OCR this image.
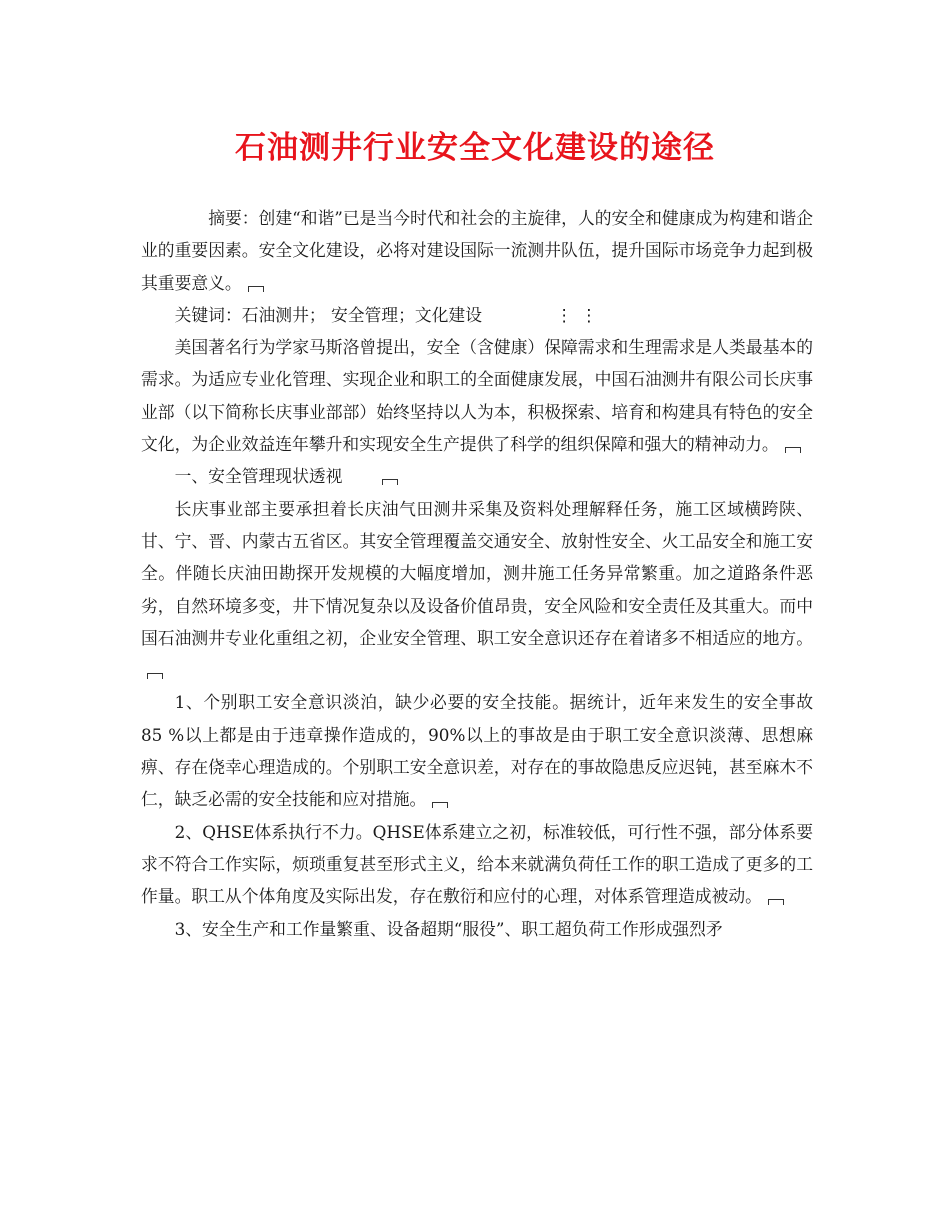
石油测井行业安全文化建设的途径

摘要：创建“和谐”已是当今时代和社会的主旋律，人的安全和健康成为构建和谐企业的重要因素。安全文化建设，必将对建设国际一流测井队伍，提升国际市场竞争力起到极其重要意义。

关键词：石油测井； 安全管理；文化建设	⋮⋮

美国著名行为学家马斯洛曾提出，安全（含健康）保障需求和生理需求是人类最基本的需求。为适应专业化管理、实现企业和职工的全面健康发展，中国石油测井有限公司长庆事业部（以下简称长庆事业部部）始终坚持以人为本，积极探索、培育和构建具有特色的安全文化，为企业效益连年攀升和实现安全生产提供了科学的组织保障和强大的精神动力。

一、安全管理现状透视

长庆事业部主要承担着长庆油气田测井采集及资料处理解释任务，施工区域横跨陕、甘、宁、晋、内蒙古五省区。其安全管理覆盖交通安全、放射性安全、火工品安全和施工安全。伴随长庆油田勘探开发规模的大幅度增加，测井施工任务异常繁重。加之道路条件恶劣，自然环境多变，井下情况复杂以及设备价值昂贵，安全风险和安全责任及其重大。而中国石油测井专业化重组之初，企业安全管理、职工安全意识还存在着诸多不相适应的地方。

1、个别职工安全意识淡泊，缺少必要的安全技能。据统计，近年来发生的安全事故 85 %以上都是由于违章操作造成的，90%以上的事故是由于职工安全意识淡薄、思想麻痹、存在侥幸心理造成的。个别职工安全意识差，对存在的事故隐患反应迟钝，甚至麻木不仁，缺乏必需的安全技能和应对措施。

2、QHSE体系执行不力。QHSE体系建立之初，标准较低，可行性不强，部分体系要求不符合工作实际，烦琐重复甚至形式主义，给本来就满负荷任工作的职工造成了更多的工作量。职工从个体角度及实际出发，存在敷衍和应付的心理，对体系管理造成被动。

3、安全生产和工作量繁重、设备超期“服役”、职工超负荷工作形成强烈矛
